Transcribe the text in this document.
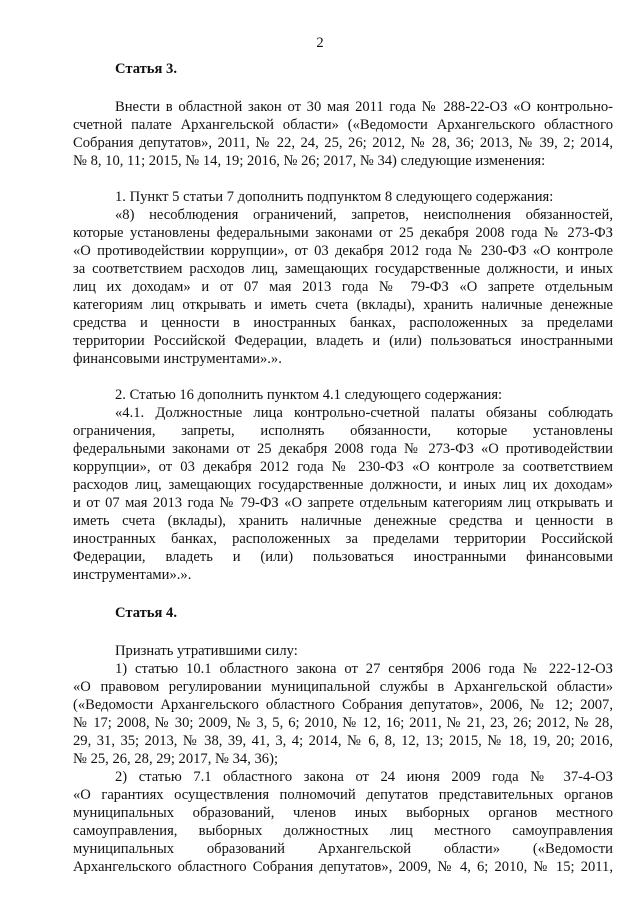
2
Статья 3.
Внести в областной закон от 30 мая 2011 года № 288-22-ОЗ «О контрольно-
счетной палате Архангельской области» («Ведомости Архангельского областного
Собрания депутатов», 2011, № 22, 24, 25, 26; 2012, № 28, 36; 2013, № 39, 2; 2014,
№ 8, 10, 11; 2015, № 14, 19; 2016, № 26; 2017, № 34) следующие изменения:
1. Пункт 5 статьи 7 дополнить подпунктом 8 следующего содержания:
«8) несоблюдения ограничений, запретов, неисполнения обязанностей,
которые установлены федеральными законами от 25 декабря 2008 года № 273-ФЗ
«О противодействии коррупции», от 03 декабря 2012 года № 230-ФЗ «О контроле
за соответствием расходов лиц, замещающих государственные должности, и иных
лиц их доходам» и от 07 мая 2013 года № 79-ФЗ «О запрете отдельным
категориям лиц открывать и иметь счета (вклады), хранить наличные денежные
средства и ценности в иностранных банках, расположенных за пределами
территории Российской Федерации, владеть и (или) пользоваться иностранными
финансовыми инструментами».».
2. Статью 16 дополнить пунктом 4.1 следующего содержания:
«4.1. Должностные лица контрольно-счетной палаты обязаны соблюдать
ограничения, запреты, исполнять обязанности, которые установлены
федеральными законами от 25 декабря 2008 года № 273-ФЗ «О противодействии
коррупции», от 03 декабря 2012 года № 230-ФЗ «О контроле за соответствием
расходов лиц, замещающих государственные должности, и иных лиц их доходам»
и от 07 мая 2013 года № 79-ФЗ «О запрете отдельным категориям лиц открывать и
иметь счета (вклады), хранить наличные денежные средства и ценности в
иностранных банках, расположенных за пределами территории Российской
Федерации, владеть и (или) пользоваться иностранными финансовыми
инструментами».».
Статья 4.
Признать утратившими силу:
1) статью 10.1 областного закона от 27 сентября 2006 года № 222-12-ОЗ
«О правовом регулировании муниципальной службы в Архангельской области»
(«Ведомости Архангельского областного Собрания депутатов», 2006, № 12; 2007,
№ 17; 2008, № 30; 2009, № 3, 5, 6; 2010, № 12, 16; 2011, № 21, 23, 26; 2012, № 28,
29, 31, 35; 2013, № 38, 39, 41, 3, 4; 2014, № 6, 8, 12, 13; 2015, № 18, 19, 20; 2016,
№ 25, 26, 28, 29; 2017, № 34, 36);
2) статью 7.1 областного закона от 24 июня 2009 года № 37-4-ОЗ
«О гарантиях осуществления полномочий депутатов представительных органов
муниципальных образований, членов иных выборных органов местного
самоуправления, выборных должностных лиц местного самоуправления
муниципальных образований Архангельской области» («Ведомости
Архангельского областного Собрания депутатов», 2009, № 4, 6; 2010, № 15; 2011,
